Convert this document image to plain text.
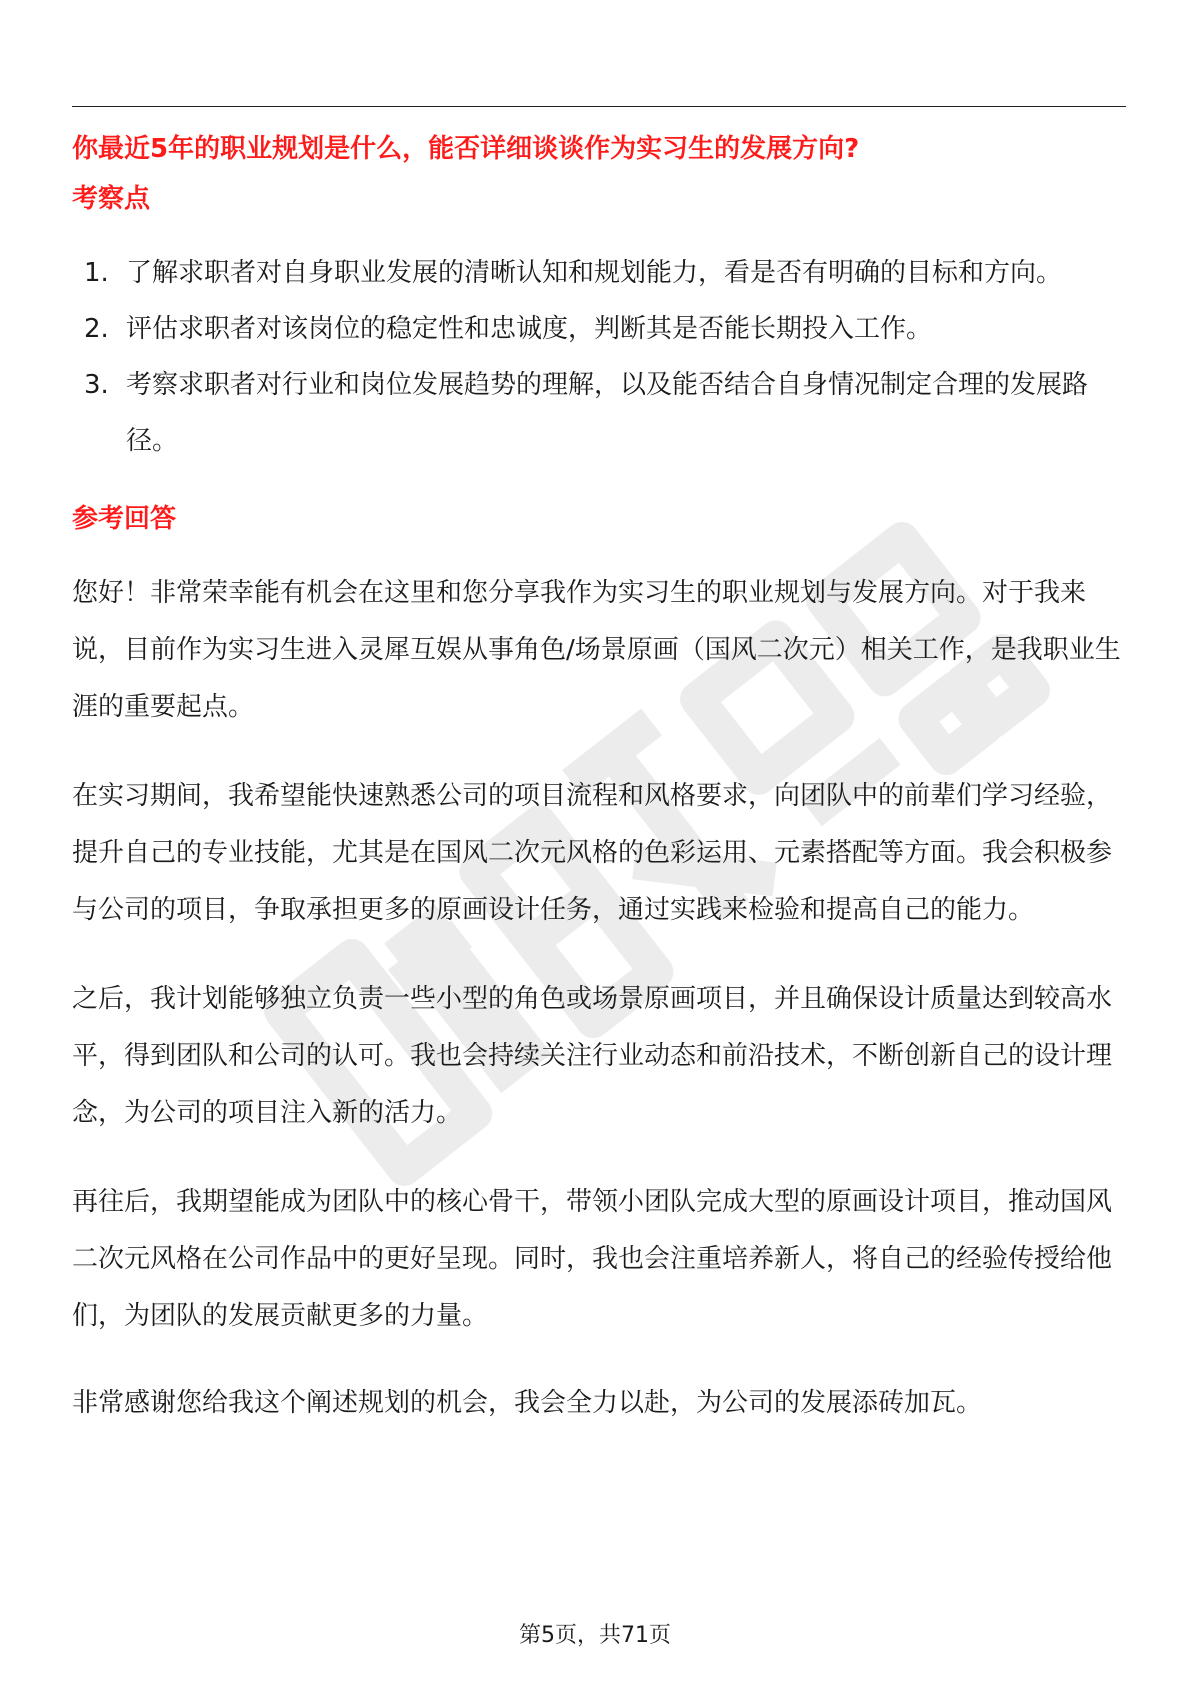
你最近5年的职业规划是什么，能否详细谈谈作为实习生的发展方向?

考察点

1. 了解求职者对自身职业发展的清晰认知和规划能力，看是否有明确的目标和方向。
2. 评估求职者对该岗位的稳定性和忠诚度，判断其是否能长期投入工作。
3. 考察求职者对行业和岗位发展趋势的理解，以及能否结合自身情况制定合理的发展路径。

参考回答

您好！非常荣幸能有机会在这里和您分享我作为实习生的职业规划与发展方向。对于我来说，目前作为实习生进入灵犀互娱从事角色/场景原画（国风二次元）相关工作，是我职业生涯的重要起点。

在实习期间，我希望能快速熟悉公司的项目流程和风格要求，向团队中的前辈们学习经验，提升自己的专业技能，尤其是在国风二次元风格的色彩运用、元素搭配等方面。我会积极参与公司的项目，争取承担更多的原画设计任务，通过实践来检验和提高自己的能力。

之后，我计划能够独立负责一些小型的角色或场景原画项目，并且确保设计质量达到较高水平，得到团队和公司的认可。我也会持续关注行业动态和前沿技术，不断创新自己的设计理念，为公司的项目注入新的活力。

再往后，我期望能成为团队中的核心骨干，带领小团队完成大型的原画设计项目，推动国风二次元风格在公司作品中的更好呈现。同时，我也会注重培养新人，将自己的经验传授给他们，为团队的发展贡献更多的力量。

非常感谢您给我这个阐述规划的机会，我会全力以赴，为公司的发展添砖加瓦。

第5页，共71页
